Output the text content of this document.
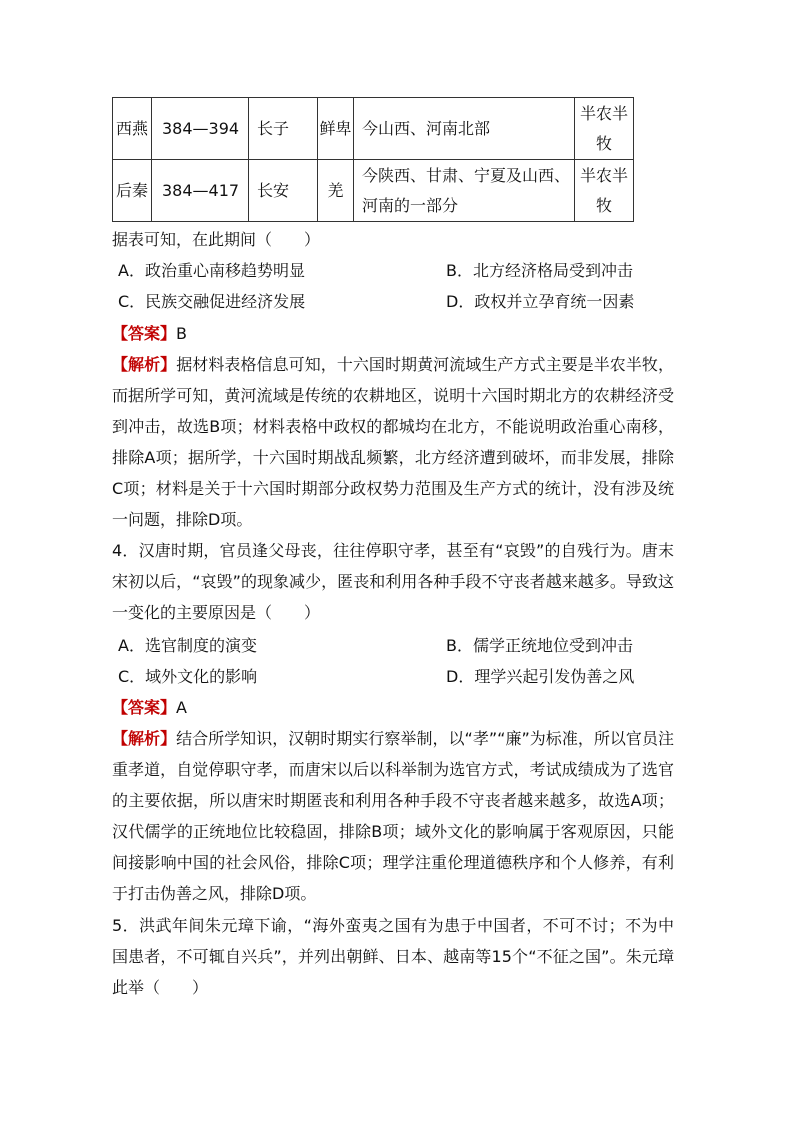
西燕	384—394	长子	鲜卑	今山西、河南北部	半农半牧
后秦	384—417	长安	羌	今陕西、甘肃、宁夏及山西、河南的一部分	半农半牧
据表可知，在此期间（　　）
A．政治重心南移趋势明显	B．北方经济格局受到冲击
C．民族交融促进经济发展	D．政权并立孕育统一因素
【答案】B
【解析】据材料表格信息可知，十六国时期黄河流域生产方式主要是半农半牧，而据所学可知，黄河流域是传统的农耕地区，说明十六国时期北方的农耕经济受到冲击，故选B项；材料表格中政权的都城均在北方，不能说明政治重心南移，排除A项；据所学，十六国时期战乱频繁，北方经济遭到破坏，而非发展，排除C项；材料是关于十六国时期部分政权势力范围及生产方式的统计，没有涉及统一问题，排除D项。
4．汉唐时期，官员逢父母丧，往往停职守孝，甚至有“哀毁”的自残行为。唐末宋初以后，“哀毁”的现象减少，匿丧和利用各种手段不守丧者越来越多。导致这一变化的主要原因是（　　）
A．选官制度的演变	B．儒学正统地位受到冲击
C．域外文化的影响	D．理学兴起引发伪善之风
【答案】A
【解析】结合所学知识，汉朝时期实行察举制，以“孝”“廉”为标准，所以官员注重孝道，自觉停职守孝，而唐宋以后以科举制为选官方式，考试成绩成为了选官的主要依据，所以唐宋时期匿丧和利用各种手段不守丧者越来越多，故选A项；汉代儒学的正统地位比较稳固，排除B项；域外文化的影响属于客观原因，只能间接影响中国的社会风俗，排除C项；理学注重伦理道德秩序和个人修养，有利于打击伪善之风，排除D项。
5．洪武年间朱元璋下谕，“海外蛮夷之国有为患于中国者，不可不讨；不为中国患者，不可辄自兴兵”，并列出朝鲜、日本、越南等15个“不征之国”。朱元璋此举（　　）
